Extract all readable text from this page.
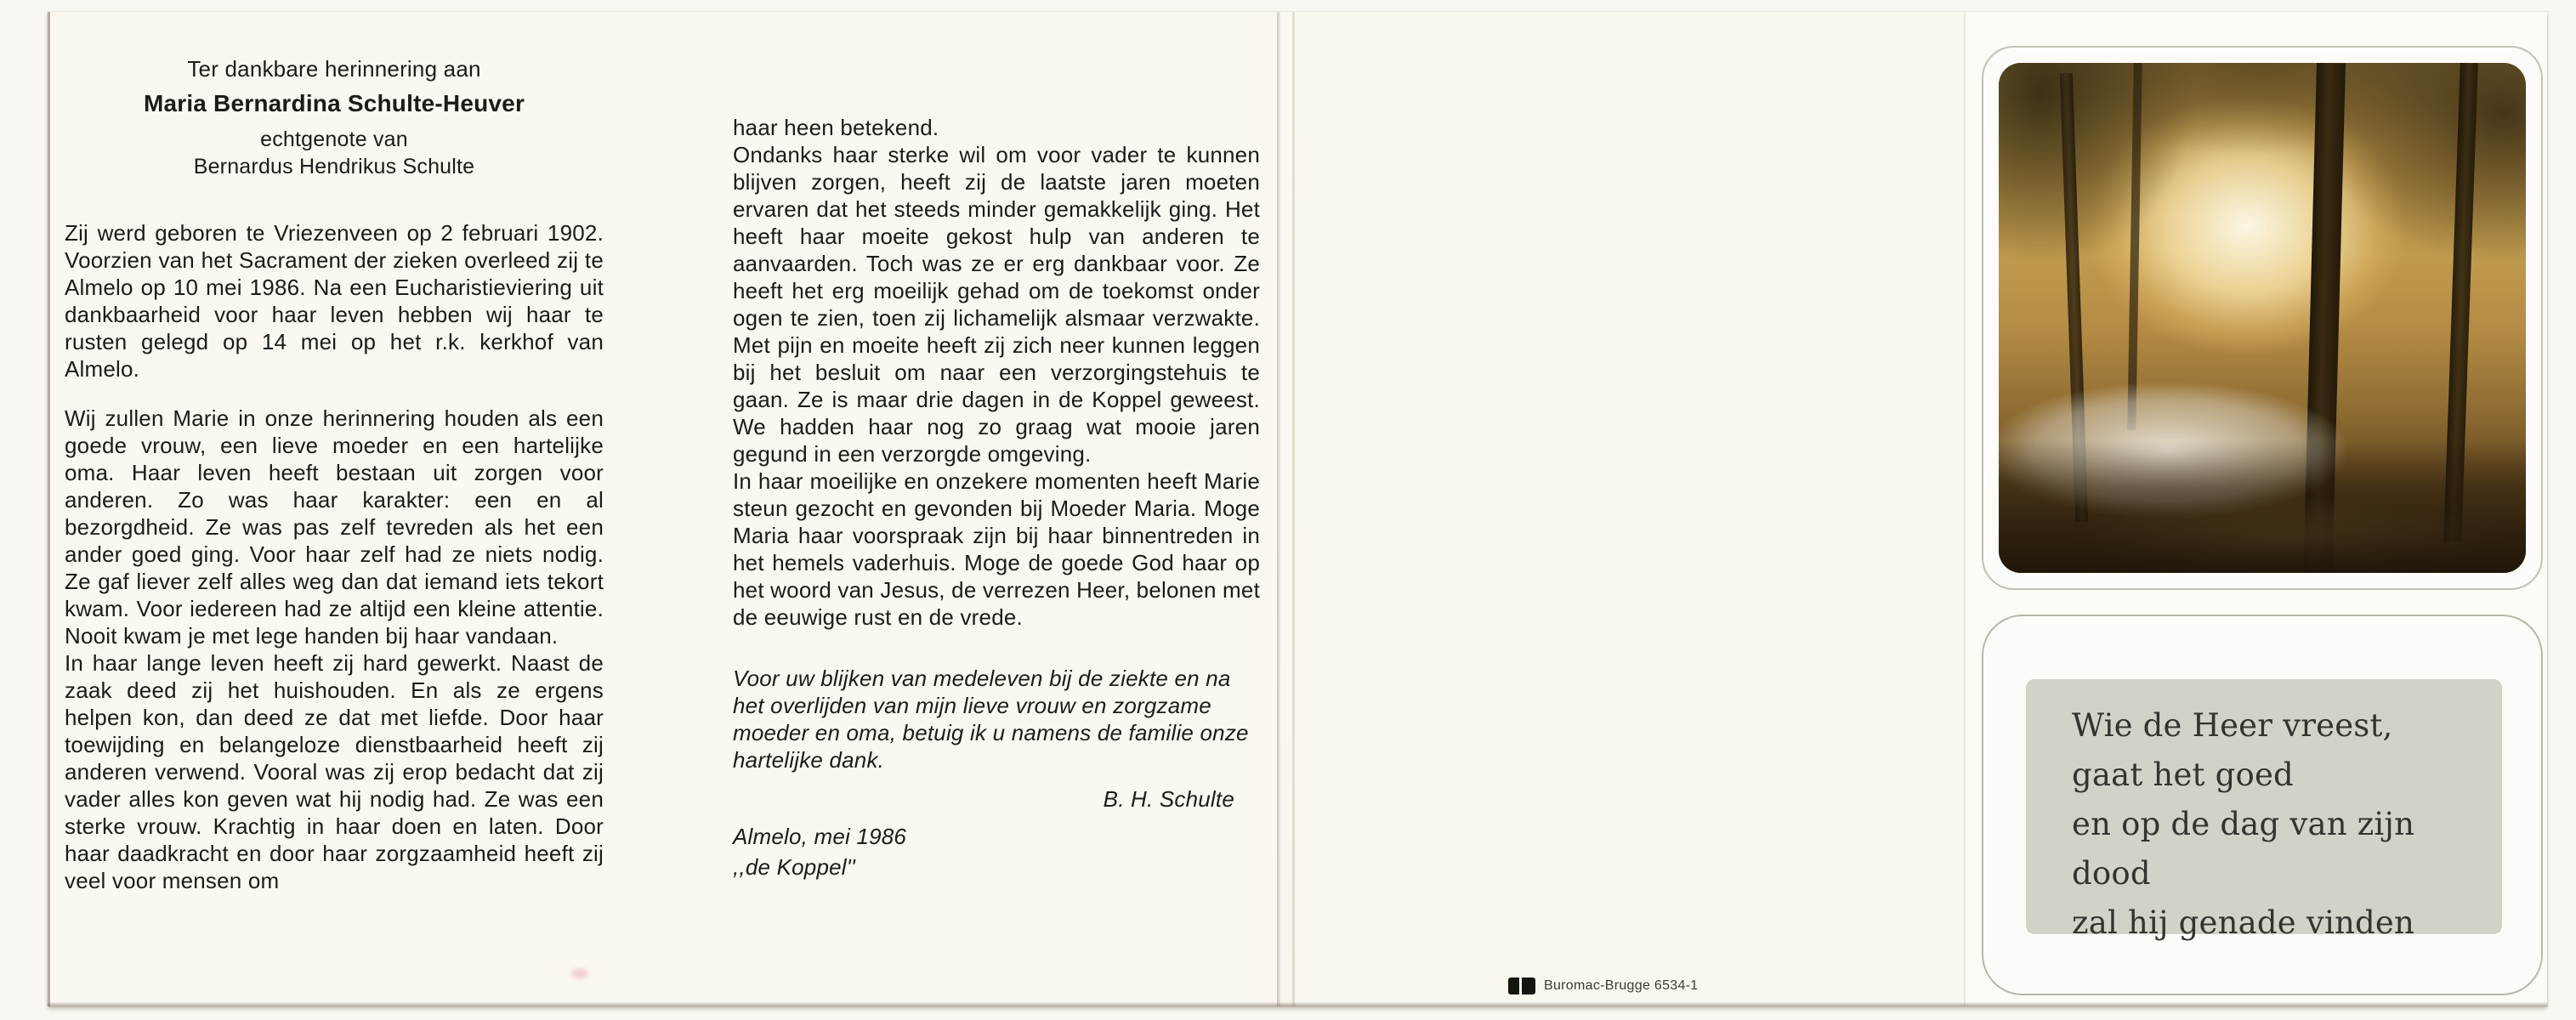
Ter dankbare herinnering aan
Maria Bernardina Schulte-Heuver
echtgenote van
Bernardus Hendrikus Schulte

Zij werd geboren te Vriezenveen op 2 februari 1902. Voorzien van het Sacrament der zieken overleed zij te Almelo op 10 mei 1986. Na een Eucharistieviering uit dankbaarheid voor haar leven hebben wij haar te rusten gelegd op 14 mei op het r.k. kerkhof van Almelo.

Wij zullen Marie in onze herinnering houden als een goede vrouw, een lieve moeder en een hartelijke oma. Haar leven heeft bestaan uit zorgen voor anderen. Zo was haar karakter: een en al bezorgdheid. Ze was pas zelf tevreden als het een ander goed ging. Voor haar zelf had ze niets nodig. Ze gaf liever zelf alles weg dan dat iemand iets tekort kwam. Voor iedereen had ze altijd een kleine attentie. Nooit kwam je met lege handen bij haar vandaan.

In haar lange leven heeft zij hard gewerkt. Naast de zaak deed zij het huishouden. En als ze ergens helpen kon, dan deed ze dat met liefde. Door haar toewijding en belangeloze dienstbaarheid heeft zij anderen verwend. Vooral was zij erop bedacht dat zij vader alles kon geven wat hij nodig had. Ze was een sterke vrouw. Krachtig in haar doen en laten. Door haar daadkracht en door haar zorgzaamheid heeft zij veel voor mensen om

haar heen betekend.

Ondanks haar sterke wil om voor vader te kunnen blijven zorgen, heeft zij de laatste jaren moeten ervaren dat het steeds minder gemakkelijk ging. Het heeft haar moeite gekost hulp van anderen te aanvaarden. Toch was ze er erg dankbaar voor. Ze heeft het erg moeilijk gehad om de toekomst onder ogen te zien, toen zij lichamelijk alsmaar verzwakte. Met pijn en moeite heeft zij zich neer kunnen leggen bij het besluit om naar een verzorgingstehuis te gaan. Ze is maar drie dagen in de Koppel geweest. We hadden haar nog zo graag wat mooie jaren gegund in een verzorgde omgeving.

In haar moeilijke en onzekere momenten heeft Marie steun gezocht en gevonden bij Moeder Maria. Moge Maria haar voorspraak zijn bij haar binnentreden in het hemels vaderhuis. Moge de goede God haar op het woord van Jesus, de verrezen Heer, belonen met de eeuwige rust en de vrede.

Voor uw blijken van medeleven bij de ziekte en na het overlijden van mijn lieve vrouw en zorgzame moeder en oma, betuig ik u namens de familie onze hartelijke dank.

B. H. Schulte

Almelo, mei 1986

,,de Koppel''

Buromac-Brugge 6534-1
Wie de Heer vreest,
gaat het goed
en op de dag van zijn dood
zal hij genade vinden
